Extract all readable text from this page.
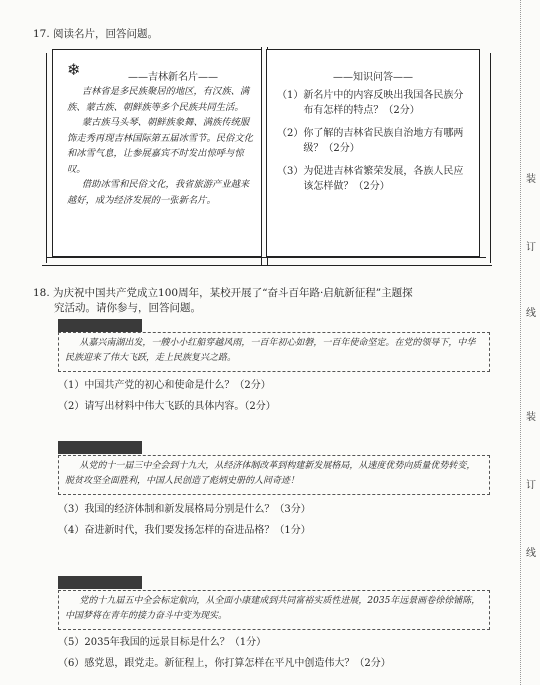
17. 阅读名片，回答问题。
❄	——吉林新名片——

吉林省是多民族聚居的地区，有汉族、满族、蒙古族、朝鲜族等多个民族共同生活。

蒙古族马头琴、朝鲜族象舞、满族传统服饰走秀再现吉林国际第五届冰雪节。民俗文化和冰雪气息，让参展嘉宾不时发出惊呼与惊叹。

借助冰雪和民俗文化，我省旅游产业越来越好，成为经济发展的一张新名片。

——知识问答——
（1） 新名片中的内容反映出我国各民族分布有怎样的特点？（2分）
（2） 你了解的吉林省民族自治地方有哪两级？（2分）
（3） 为促进吉林省繁荣发展，各族人民应该怎样做？（2分）
18. 为庆祝中国共产党成立100周年，某校开展了“奋斗百年路·启航新征程”主题探
究活动。请你参与，回答问题。

从嘉兴南湖出发，一艘小小红船穿越风雨，一百年初心如磐，一百年使命坚定。在党的领导下，中华民族迎来了伟大飞跃，走上民族复兴之路。

（1）中国共产党的初心和使命是什么？（2分）
（2）请写出材料中伟大飞跃的具体内容。（2分）

从党的十一届三中全会到十九大，从经济体制改革到构建新发展格局，从速度优势向质量优势转变，脱贫攻坚全面胜利，中国人民创造了彪炳史册的人间奇迹！

（3）我国的经济体制和新发展格局分别是什么？（3分）
（4）奋进新时代，我们要发扬怎样的奋进品格？（1分）

党的十九届五中全会标定航向，从全面小康建成到共同富裕实质性进展，2035年远景画卷徐徐铺陈，中国梦将在青年的接力奋斗中变为现实。

（5）2035年我国的远景目标是什么？（1分）
（6）感党恩，跟党走。新征程上，你打算怎样在平凡中创造伟大？（2分）
装
订
线
装
订
线
